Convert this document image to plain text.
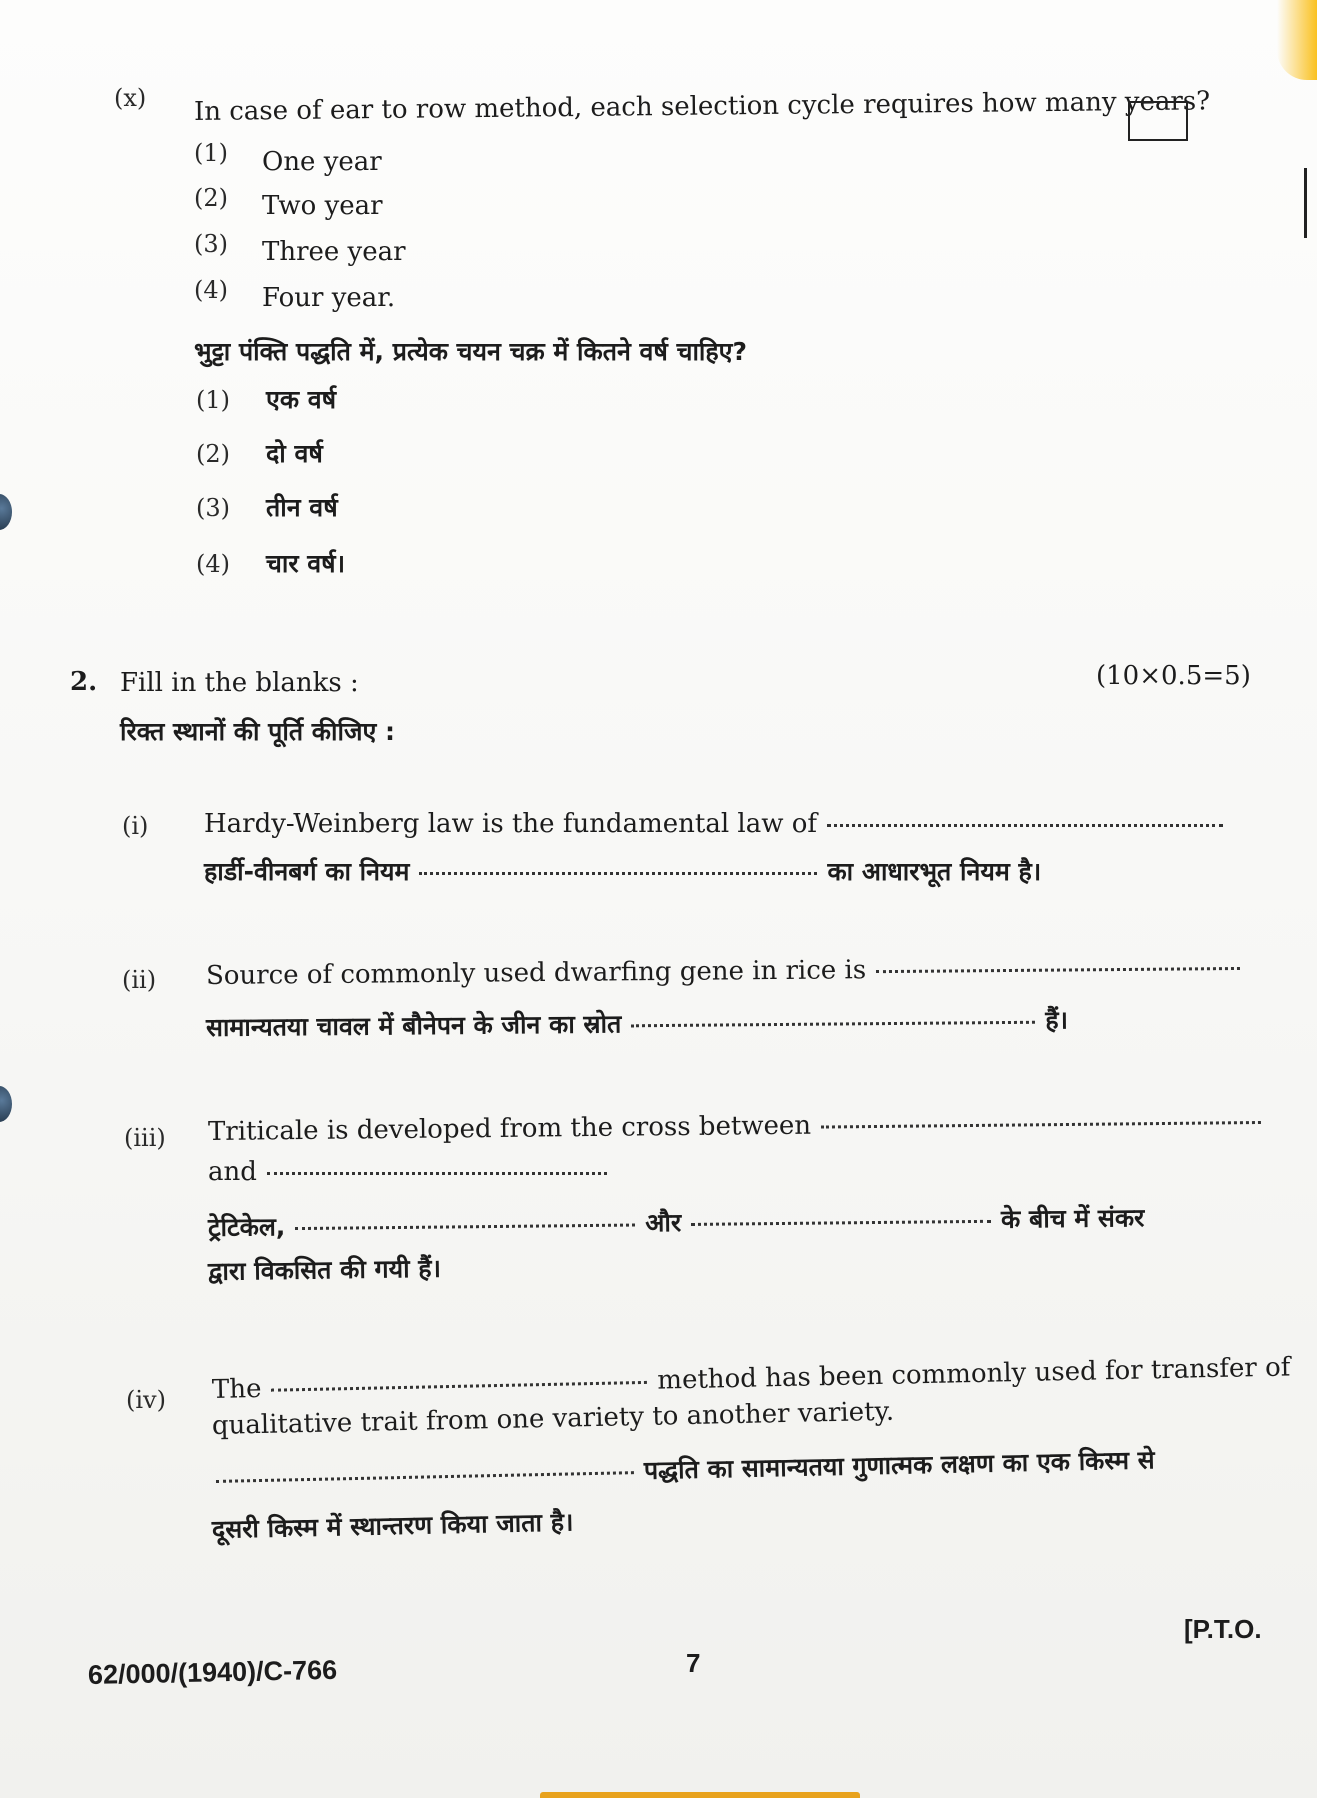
(x) In case of ear to row method, each selection cycle requires how many years?
(1) One year
(2) Two year
(3) Three year
(4) Four year.
भुट्टा पंक्ति पद्धति में, प्रत्येक चयन चक्र में कितने वर्ष चाहिए?
(1) एक वर्ष
(2) दो वर्ष
(3) तीन वर्ष
(4) चार वर्ष।
2. Fill in the blanks :	(10×0.5=5)
रिक्त स्थानों की पूर्ति कीजिए :
(i) Hardy-Weinberg law is the fundamental law of
हार्डी-वीनबर्ग का नियम	का आधारभूत नियम है।
(ii) Source of commonly used dwarfing gene in rice is
सामान्यतया चावल में बौनेपन के जीन का स्रोत	हैं।
(iii) Triticale is developed from the cross between
and
ट्रेटिकेल,	और	के बीच में संकर
द्वारा विकसित की गयी हैं।
(iv) The	method has been commonly used for transfer of
qualitative trait from one variety to another variety.
पद्धति का सामान्यतया गुणात्मक लक्षण का एक किस्म से
दूसरी किस्म में स्थान्तरण किया जाता है।
[P.T.O.
7
62/000/(1940)/C-766
